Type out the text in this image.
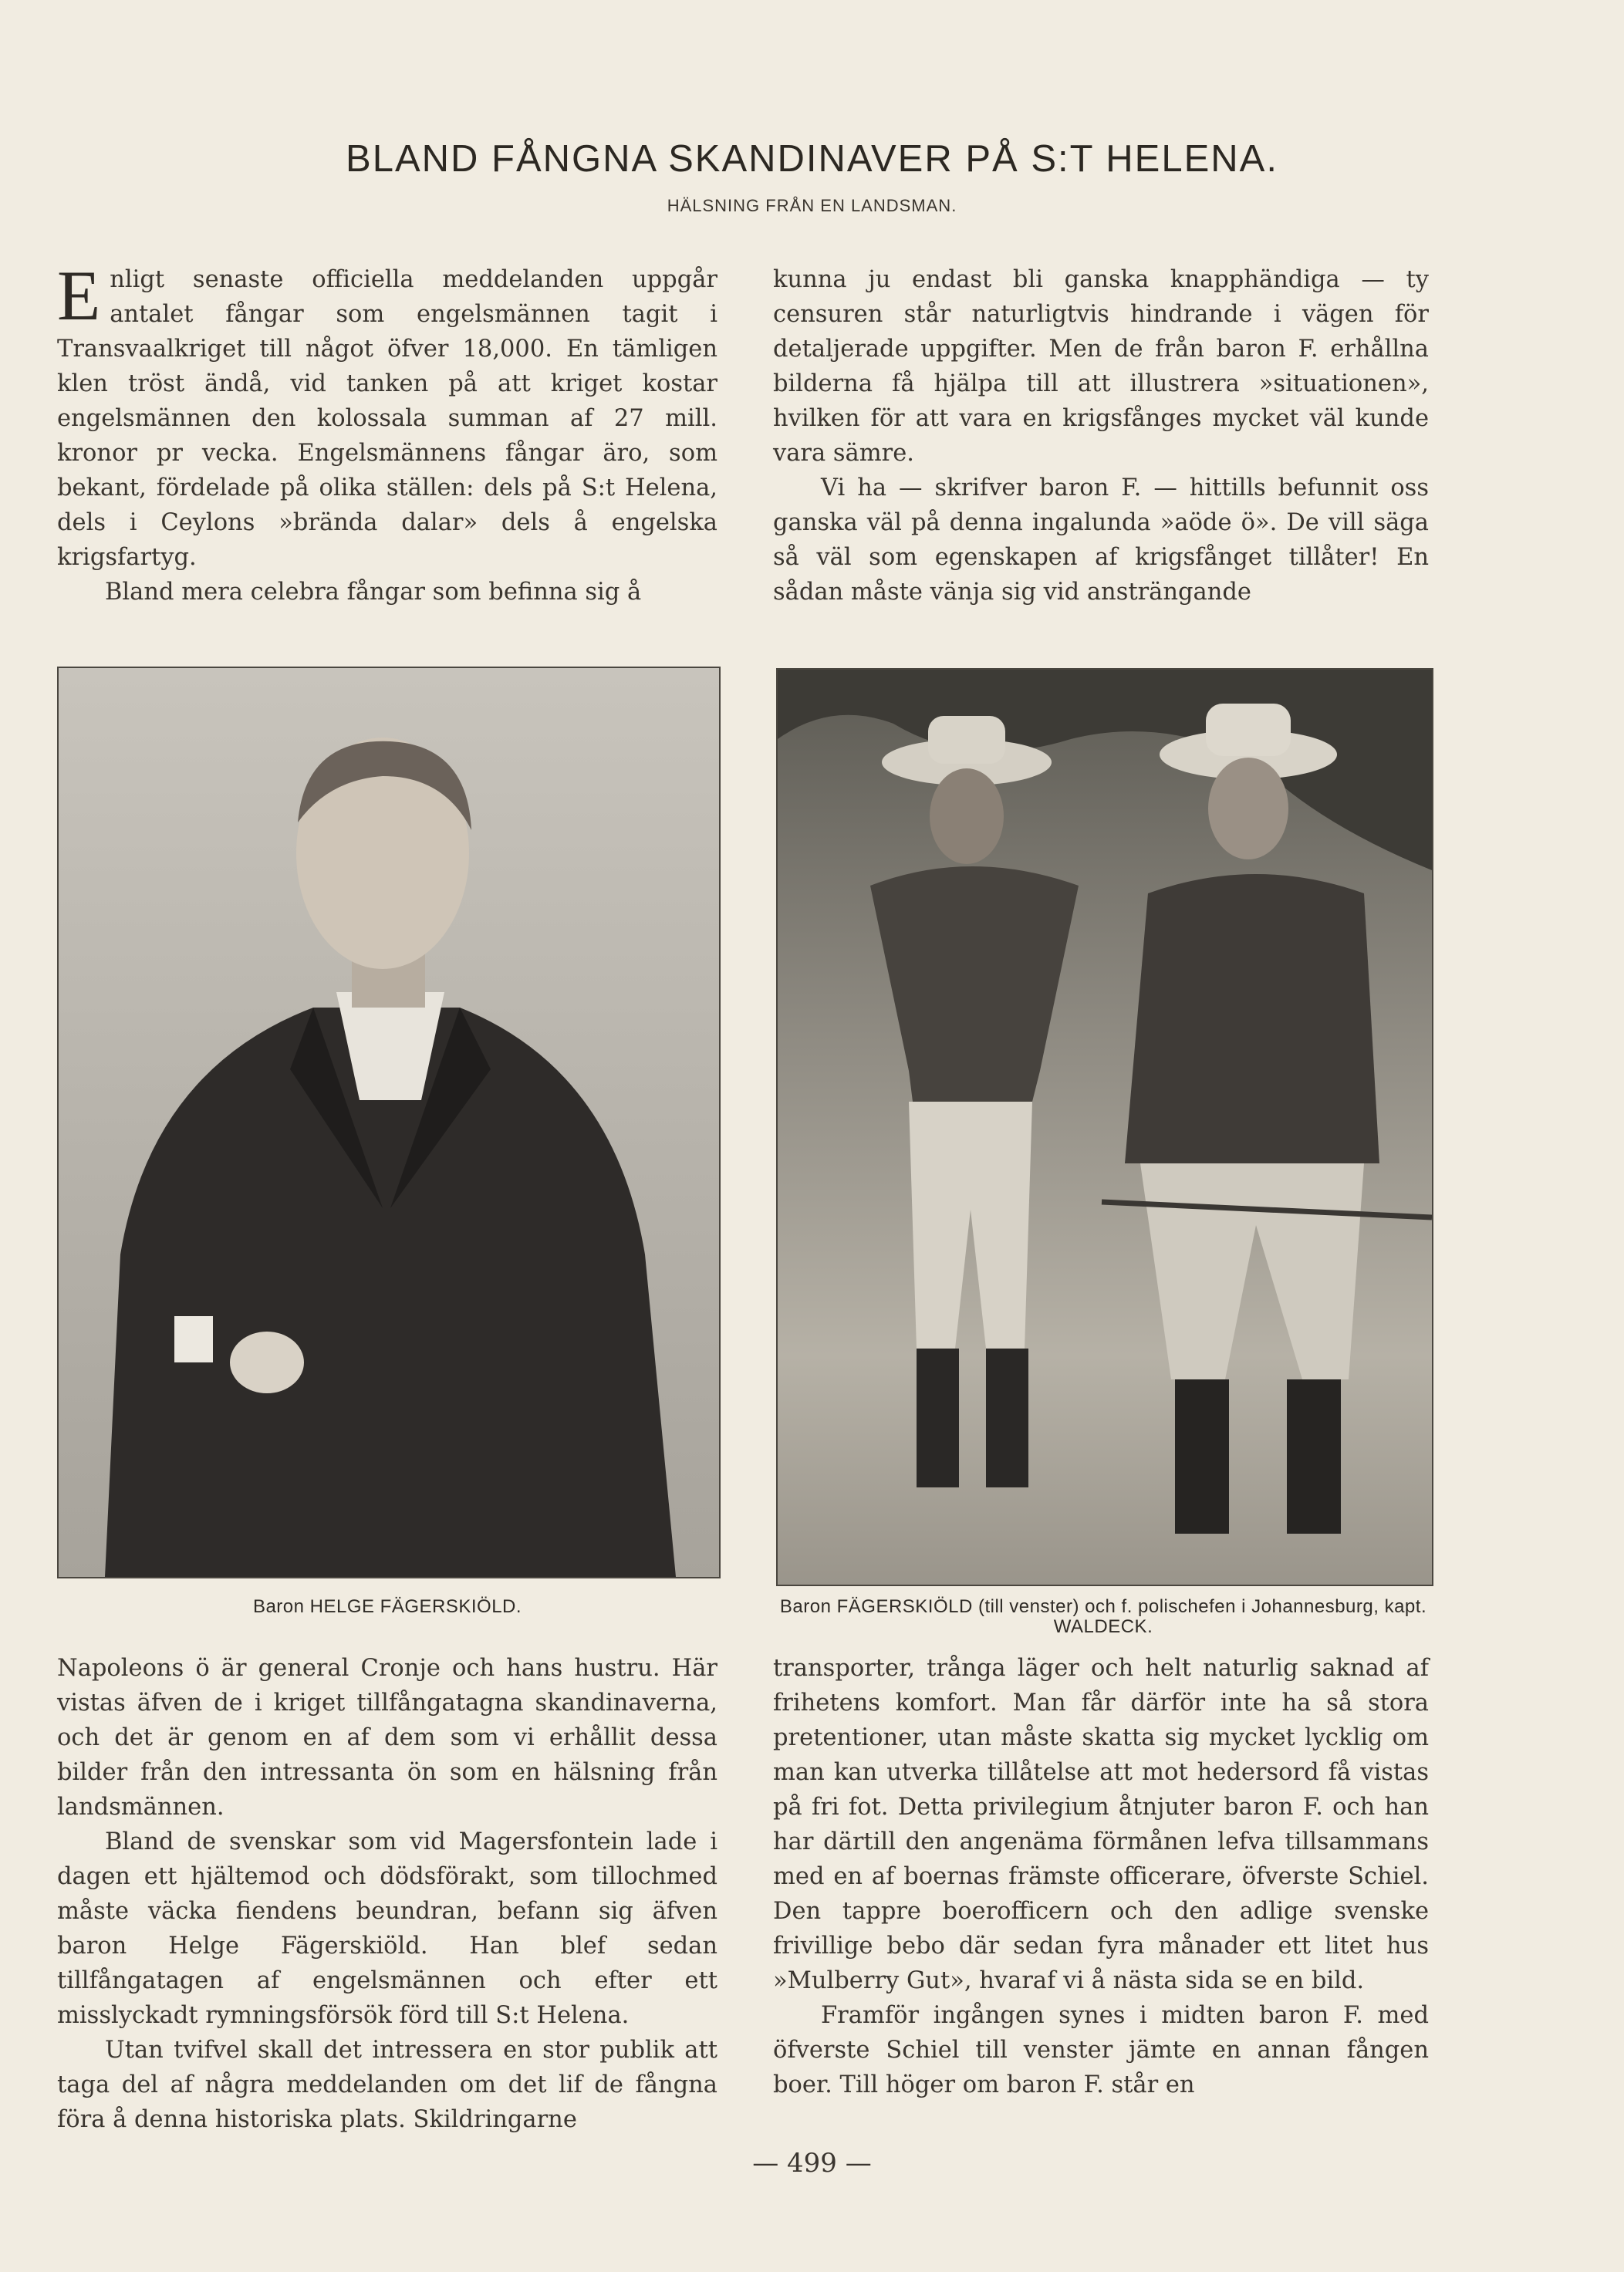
BLAND FÅNGNA SKANDINAVER PÅ S:T HELENA.

HÄLSNING FRÅN EN LANDSMAN.

Enligt senaste officiella meddelanden uppgår antalet fångar som engelsmännen tagit i Transvaalkriget till något öfver 18,000. En tämligen klen tröst ändå, vid tanken på att kriget kostar engelsmännen den kolossala summan af 27 mill. kronor pr vecka. Engelsmännens fångar äro, som bekant, fördelade på olika ställen: dels på S:t Helena, dels i Ceylons »brända dalar» dels å engelska krigsfartyg.

Bland mera celebra fångar som befinna sig å

kunna ju endast bli ganska knapphändiga — ty censuren står naturligtvis hindrande i vägen för detaljerade uppgifter. Men de från baron F. erhållna bilderna få hjälpa till att illustrera »situationen», hvilken för att vara en krigsfånges mycket väl kunde vara sämre.

Vi ha — skrifver baron F. — hittills befunnit oss ganska väl på denna ingalunda »aöde ö». De vill säga så väl som egenskapen af krigsfånget tillåter! En sådan måste vänja sig vid ansträngande

Baron HELGE FÄGERSKIÖLD.	Baron FÄGERSKIÖLD (till venster) och f. polischefen i Johannesburg, kapt. WALDECK.

Napoleons ö är general Cronje och hans hustru. Här vistas äfven de i kriget tillfångatagna skandinaverna, och det är genom en af dem som vi erhållit dessa bilder från den intressanta ön som en hälsning från landsmännen.

Bland de svenskar som vid Magersfontein lade i dagen ett hjältemod och dödsförakt, som tillochmed måste väcka fiendens beundran, befann sig äfven baron Helge Fägerskiöld. Han blef sedan tillfångatagen af engelsmännen och efter ett misslyckadt rymningsförsök förd till S:t Helena.

Utan tvifvel skall det intressera en stor publik att taga del af några meddelanden om det lif de fångna föra å denna historiska plats. Skildringarne

transporter, trånga läger och helt naturlig saknad af frihetens komfort. Man får därför inte ha så stora pretentioner, utan måste skatta sig mycket lycklig om man kan utverka tillåtelse att mot hedersord få vistas på fri fot. Detta privilegium åtnjuter baron F. och han har därtill den angenäma förmånen lefva tillsammans med en af boernas främste officerare, öfverste Schiel. Den tappre boerofficern och den adlige svenske frivillige bebo där sedan fyra månader ett litet hus »Mulberry Gut», hvaraf vi å nästa sida se en bild.

Framför ingången synes i midten baron F. med öfverste Schiel till venster jämte en annan fången boer. Till höger om baron F. står en

— 499 —
